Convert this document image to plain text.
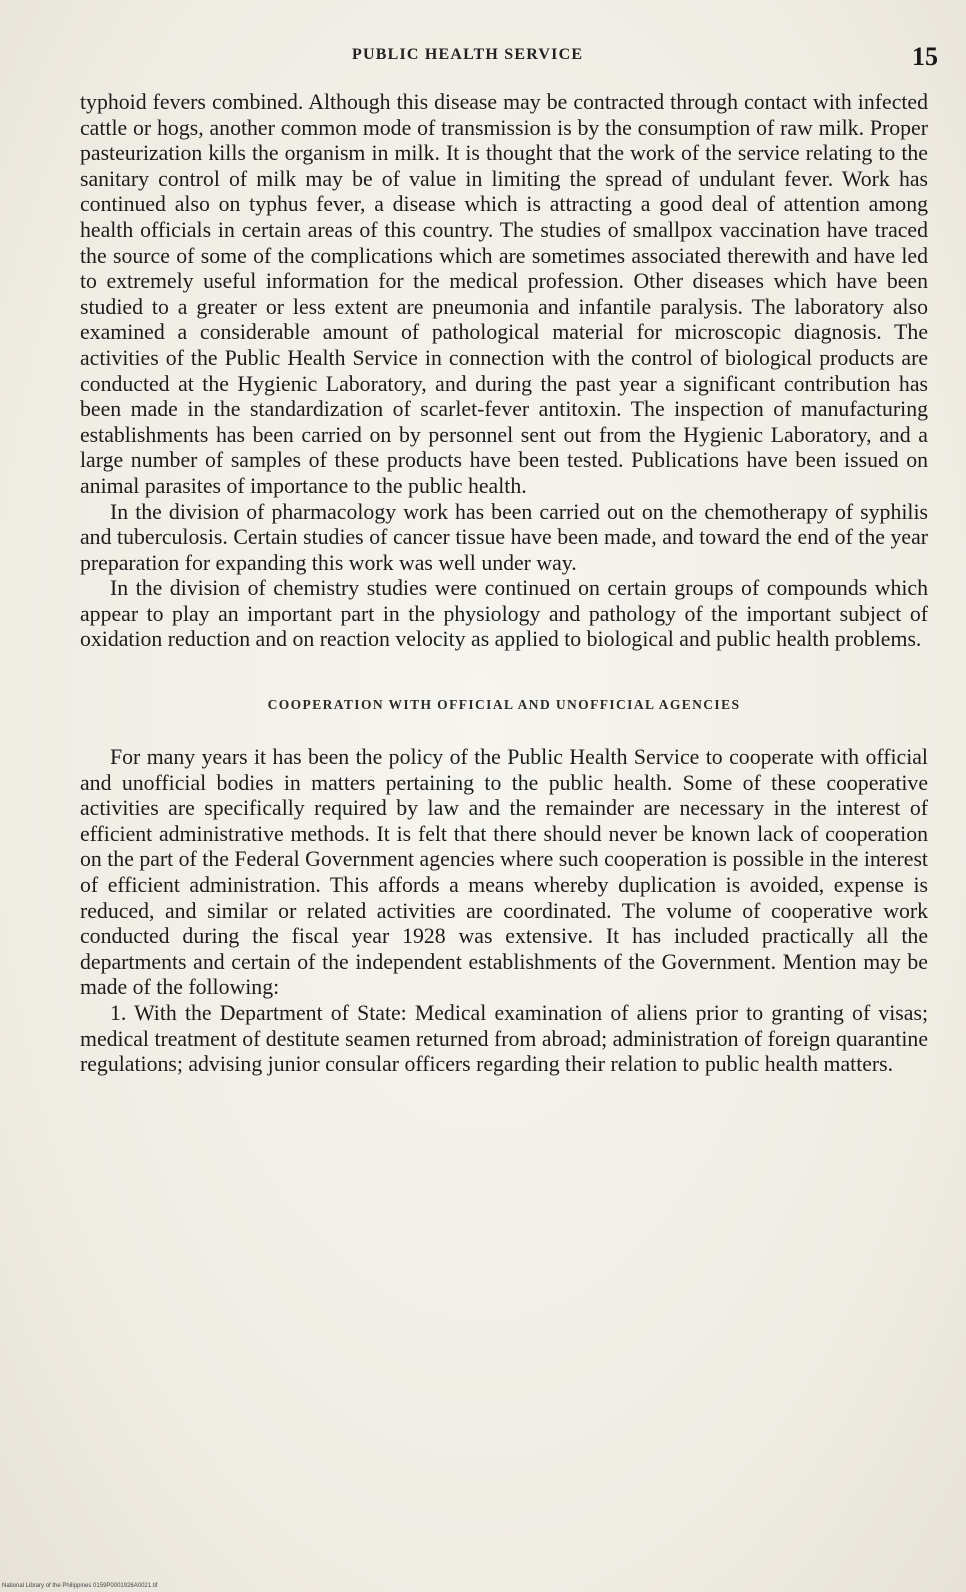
PUBLIC HEALTH SERVICE	15

typhoid fevers combined. Although this disease may be contracted through contact with infected cattle or hogs, another common mode of transmission is by the consumption of raw milk. Proper pasteurization kills the organism in milk. It is thought that the work of the service relating to the sanitary control of milk may be of value in limiting the spread of undulant fever. Work has continued also on typhus fever, a disease which is attracting a good deal of attention among health officials in certain areas of this country. The studies of smallpox vaccination have traced the source of some of the complications which are sometimes associated therewith and have led to extremely useful information for the medical profession. Other diseases which have been studied to a greater or less extent are pneumonia and infantile paralysis. The laboratory also examined a considerable amount of pathological material for microscopic diagnosis. The activities of the Public Health Service in connection with the control of biological products are conducted at the Hygienic Laboratory, and during the past year a significant contribution has been made in the standardization of scarlet-fever antitoxin. The inspection of manufacturing establishments has been carried on by personnel sent out from the Hygienic Laboratory, and a large number of samples of these products have been tested. Publications have been issued on animal parasites of importance to the public health.

In the division of pharmacology work has been carried out on the chemotherapy of syphilis and tuberculosis. Certain studies of cancer tissue have been made, and toward the end of the year preparation for expanding this work was well under way.

In the division of chemistry studies were continued on certain groups of compounds which appear to play an important part in the physiology and pathology of the important subject of oxidation reduction and on reaction velocity as applied to biological and public health problems.

COOPERATION WITH OFFICIAL AND UNOFFICIAL AGENCIES

For many years it has been the policy of the Public Health Service to cooperate with official and unofficial bodies in matters pertaining to the public health. Some of these cooperative activities are specifically required by law and the remainder are necessary in the interest of efficient administrative methods. It is felt that there should never be known lack of cooperation on the part of the Federal Government agencies where such cooperation is possible in the interest of efficient administration. This affords a means whereby duplication is avoided, expense is reduced, and similar or related activities are coordinated. The volume of cooperative work conducted during the fiscal year 1928 was extensive. It has included practically all the departments and certain of the independent establishments of the Government. Mention may be made of the following:

1. With the Department of State: Medical examination of aliens prior to granting of visas; medical treatment of destitute seamen returned from abroad; administration of foreign quarantine regulations; advising junior consular officers regarding their relation to public health matters.

National Library of the Philippines 0159P0001926A0021.tif
